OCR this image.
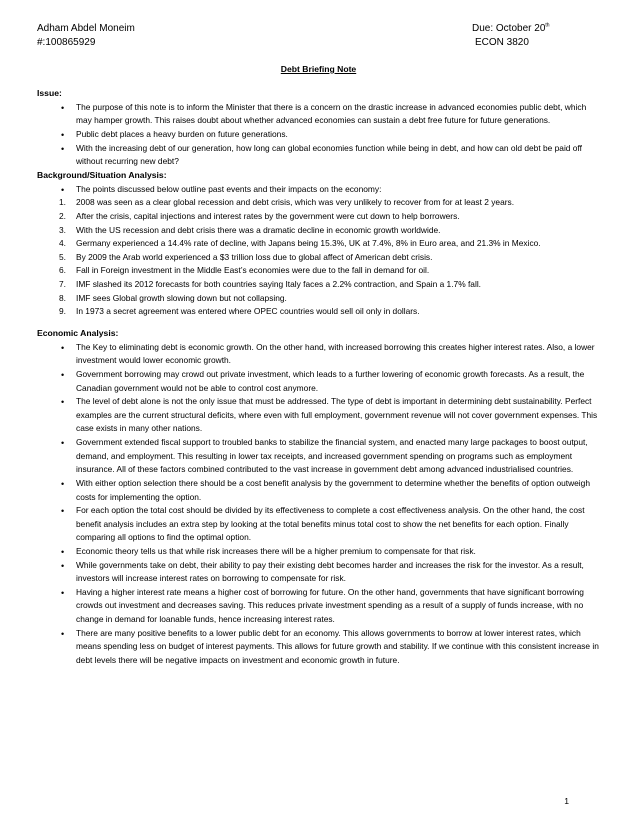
Adham Abdel Moneim	Due: October 20th
#:100865929	ECON 3820
Debt Briefing Note
Issue:
• The purpose of this note is to inform the Minister that there is a concern on the drastic increase in advanced economies public debt, which may hamper growth. This raises doubt about whether advanced economies can sustain a debt free future for future generations.
• Public debt places a heavy burden on future generations.
• With the increasing debt of our generation, how long can global economies function while being in debt, and how can old debt be paid off without recurring new debt?
Background/Situation Analysis:
• The points discussed below outline past events and their impacts on the economy:
1. 2008 was seen as a clear global recession and debt crisis, which was very unlikely to recover from for at least 2 years.
2. After the crisis, capital injections and interest rates by the government were cut down to help borrowers.
3. With the US recession and debt crisis there was a dramatic decline in economic growth worldwide.
4. Germany experienced a 14.4% rate of decline, with Japans being 15.3%, UK at 7.4%, 8% in Euro area, and 21.3% in Mexico.
5. By 2009 the Arab world experienced a $3 trillion loss due to global affect of American debt crisis.
6. Fall in Foreign investment in the Middle East’s economies were due to the fall in demand for oil.
7. IMF slashed its 2012 forecasts for both countries saying Italy faces a 2.2% contraction, and Spain a 1.7% fall.
8. IMF sees Global growth slowing down but not collapsing.
9. In 1973 a secret agreement was entered where OPEC countries would sell oil only in dollars.
Economic Analysis:
• The Key to eliminating debt is economic growth. On the other hand, with increased borrowing this creates higher interest rates. Also, a lower investment would lower economic growth.
• Government borrowing may crowd out private investment, which leads to a further lowering of economic growth forecasts. As a result, the Canadian government would not be able to control cost anymore.
• The level of debt alone is not the only issue that must be addressed. The type of debt is important in determining debt sustainability. Perfect examples are the current structural deficits, where even with full employment, government revenue will not cover government expenses. This case exists in many other nations.
• Government extended fiscal support to troubled banks to stabilize the financial system, and enacted many large packages to boost output, demand, and employment. This resulting in lower tax receipts, and increased government spending on programs such as employment insurance. All of these factors combined contributed to the vast increase in government debt among advanced industrialised countries.
• With either option selection there should be a cost benefit analysis by the government to determine whether the benefits of option outweigh costs for implementing the option.
• For each option the total cost should be divided by its effectiveness to complete a cost effectiveness analysis. On the other hand, the cost benefit analysis includes an extra step by looking at the total benefits minus total cost to show the net benefits for each option. Finally comparing all options to find the optimal option.
• Economic theory tells us that while risk increases there will be a higher premium to compensate for that risk.
• While governments take on debt, their ability to pay their existing debt becomes harder and increases the risk for the investor. As a result, investors will increase interest rates on borrowing to compensate for risk.
• Having a higher interest rate means a higher cost of borrowing for future. On the other hand, governments that have significant borrowing crowds out investment and decreases saving. This reduces private investment spending as a result of a supply of funds increase, with no change in demand for loanable funds, hence increasing interest rates.
• There are many positive benefits to a lower public debt for an economy. This allows governments to borrow at lower interest rates, which means spending less on budget of interest payments. This allows for future growth and stability. If we continue with this consistent increase in debt levels there will be negative impacts on investment and economic growth in future.
1
